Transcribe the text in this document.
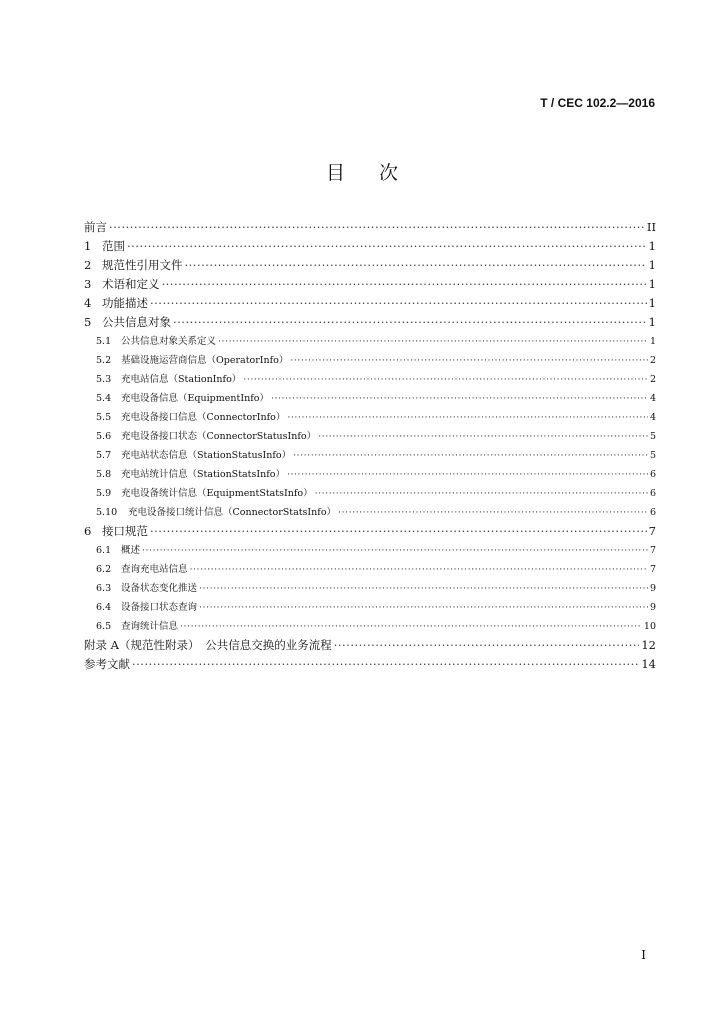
T / CEC 102.2—2016
目 次
前言 ·····	II
1 范围 ·····	1
2 规范性引用文件 ·····	1
3 术语和定义 ·····	1
4 功能描述 ·····	1
5 公共信息对象 ·····	1
5.1	公共信息对象关系定义 ·····	1
5.2	基础设施运营商信息（OperatorInfo） ·····	2
5.3	充电站信息（StationInfo） ·····	2
5.4	充电设备信息（EquipmentInfo） ·····	4
5.5	充电设备接口信息（ConnectorInfo） ·····	4
5.6	充电设备接口状态（ConnectorStatusInfo） ·····	5
5.7	充电站状态信息（StationStatusInfo） ·····	5
5.8	充电站统计信息（StationStatsInfo） ·····	6
5.9	充电设备统计信息（EquipmentStatsInfo） ·····	6
5.10	充电设备接口统计信息（ConnectorStatsInfo） ·····	6
6 接口规范 ·····	7
6.1	概述 ·····	7
6.2	查询充电站信息 ·····	7
6.3	设备状态变化推送 ·····	9
6.4	设备接口状态查询 ·····	9
6.5	查询统计信息 ·····	10
附录 A（规范性附录）　公共信息交换的业务流程 ·····	12
参考文献 ·····	14
I
